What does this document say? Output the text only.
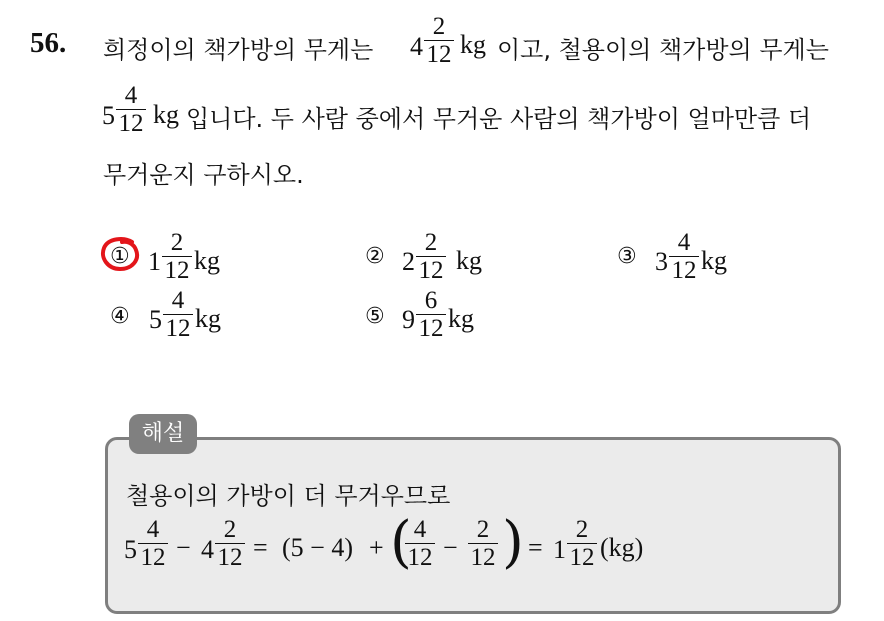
56. 희정이의 책가방의 무게는 4
2
12 kg 이고, 철용이의 책가방의 무게는
5
4
12 kg 입니다. 두 사람 중에서 무거운 사람의 책가방이 얼마만큼 더
무거운지 구하시오.
① 1
2
12 kg	② 2
2
12 kg	③ 3
4
12 kg
④ 5
4
12 kg	⑤ 9
6
12 kg
해설
철용이의 가방이 더 무거우므로
5
4
12 − 4
2
12 = (5 − 4) + ( 4
12 −
2
12 ) = 1
2
12 (kg)
